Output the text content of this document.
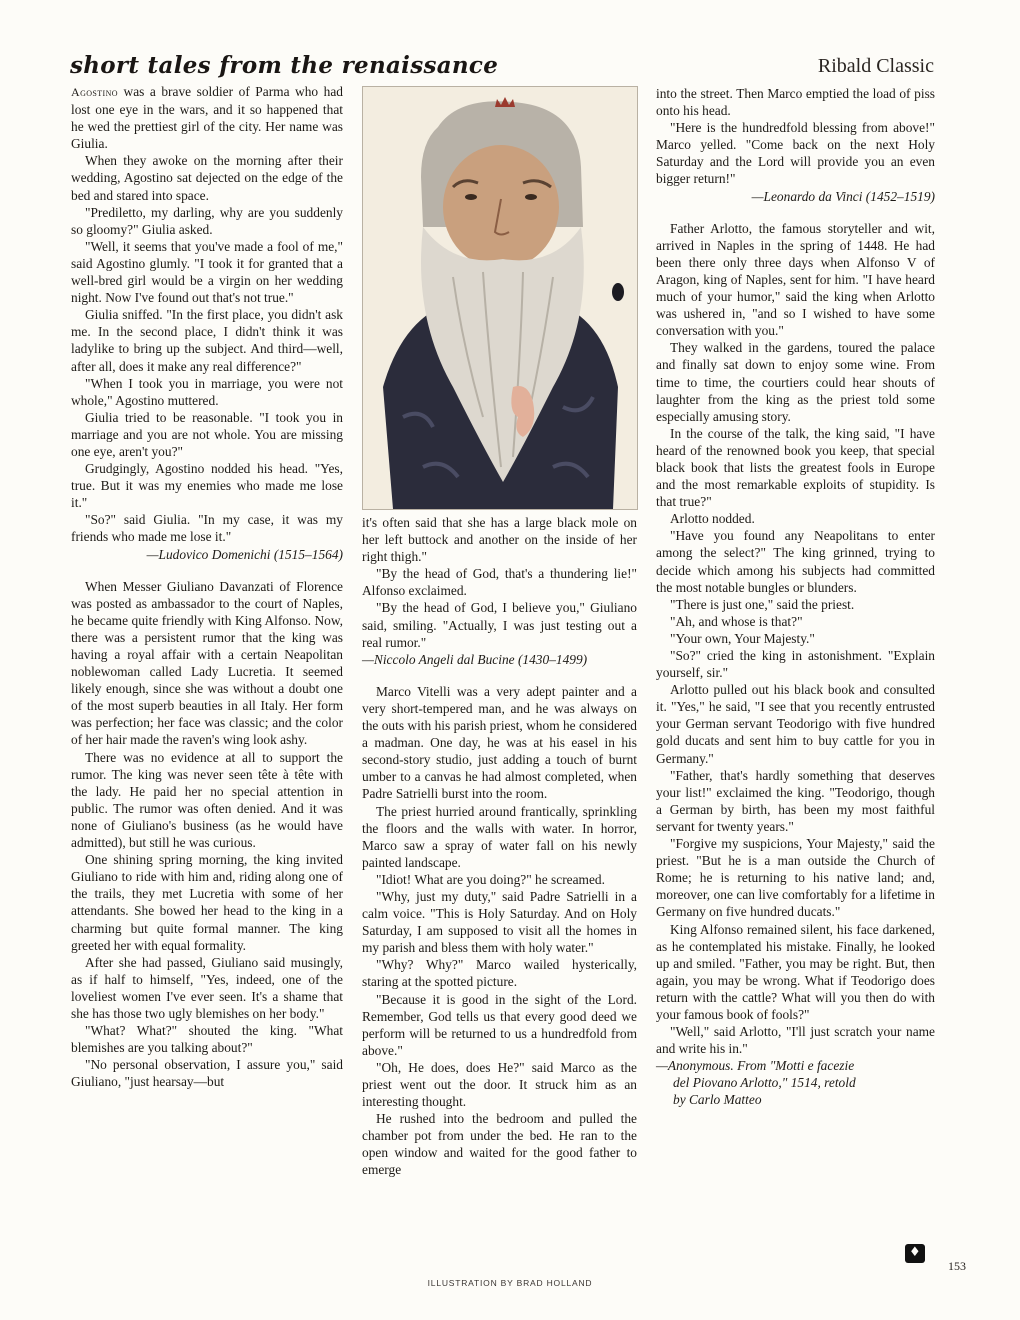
short tales from the renaissance	Ribald Classic

Agostino was a brave soldier of Parma who had lost one eye in the wars, and it so happened that he wed the prettiest girl of the city. Her name was Giulia.

When they awoke on the morning after their wedding, Agostino sat dejected on the edge of the bed and stared into space.

"Prediletto, my darling, why are you suddenly so gloomy?" Giulia asked.

"Well, it seems that you've made a fool of me," said Agostino glumly. "I took it for granted that a well-bred girl would be a virgin on her wedding night. Now I've found out that's not true."

Giulia sniffed. "In the first place, you didn't ask me. In the second place, I didn't think it was ladylike to bring up the subject. And third—well, after all, does it make any real difference?"

"When I took you in marriage, you were not whole," Agostino muttered.

Giulia tried to be reasonable. "I took you in marriage and you are not whole. You are missing one eye, aren't you?"

Grudgingly, Agostino nodded his head. "Yes, true. But it was my enemies who made me lose it."

"So?" said Giulia. "In my case, it was my friends who made me lose it."

—Ludovico Domenichi (1515–1564)

When Messer Giuliano Davanzati of Florence was posted as ambassador to the court of Naples, he became quite friendly with King Alfonso. Now, there was a persistent rumor that the king was having a royal affair with a certain Neapolitan noblewoman called Lady Lucretia. It seemed likely enough, since she was without a doubt one of the most superb beauties in all Italy. Her form was perfection; her face was classic; and the color of her hair made the raven's wing look ashy.

There was no evidence at all to support the rumor. The king was never seen tête à tête with the lady. He paid her no special attention in public. The rumor was often denied. And it was none of Giuliano's business (as he would have admitted), but still he was curious.

One shining spring morning, the king invited Giuliano to ride with him and, riding along one of the trails, they met Lucretia with some of her attendants. She bowed her head to the king in a charming but quite formal manner. The king greeted her with equal formality.

After she had passed, Giuliano said musingly, as if half to himself, "Yes, indeed, one of the loveliest women I've ever seen. It's a shame that she has those two ugly blemishes on her body."

"What? What?" shouted the king. "What blemishes are you talking about?"

"No personal observation, I assure you," said Giuliano, "just hearsay—but

it's often said that she has a large black mole on her left buttock and another on the inside of her right thigh."

"By the head of God, that's a thundering lie!" Alfonso exclaimed.

"By the head of God, I believe you," Giuliano said, smiling. "Actually, I was just testing out a real rumor."

—Niccolo Angeli dal Bucine (1430–1499)

Marco Vitelli was a very adept painter and a very short-tempered man, and he was always on the outs with his parish priest, whom he considered a madman. One day, he was at his easel in his second-story studio, just adding a touch of burnt umber to a canvas he had almost completed, when Padre Satrielli burst into the room.

The priest hurried around frantically, sprinkling the floors and the walls with water. In horror, Marco saw a spray of water fall on his newly painted landscape.

"Idiot! What are you doing?" he screamed.

"Why, just my duty," said Padre Satrielli in a calm voice. "This is Holy Saturday. And on Holy Saturday, I am supposed to visit all the homes in my parish and bless them with holy water."

"Why? Why?" Marco wailed hysterically, staring at the spotted picture.

"Because it is good in the sight of the Lord. Remember, God tells us that every good deed we perform will be returned to us a hundredfold from above."

"Oh, He does, does He?" said Marco as the priest went out the door. It struck him as an interesting thought.

He rushed into the bedroom and pulled the chamber pot from under the bed. He ran to the open window and waited for the good father to emerge

into the street. Then Marco emptied the load of piss onto his head.

"Here is the hundredfold blessing from above!" Marco yelled. "Come back on the next Holy Saturday and the Lord will provide you an even bigger return!"

—Leonardo da Vinci (1452–1519)

Father Arlotto, the famous storyteller and wit, arrived in Naples in the spring of 1448. He had been there only three days when Alfonso V of Aragon, king of Naples, sent for him. "I have heard much of your humor," said the king when Arlotto was ushered in, "and so I wished to have some conversation with you."

They walked in the gardens, toured the palace and finally sat down to enjoy some wine. From time to time, the courtiers could hear shouts of laughter from the king as the priest told some especially amusing story.

In the course of the talk, the king said, "I have heard of the renowned book you keep, that special black book that lists the greatest fools in Europe and the most remarkable exploits of stupidity. Is that true?"

Arlotto nodded.

"Have you found any Neapolitans to enter among the select?" The king grinned, trying to decide which among his subjects had committed the most notable bungles or blunders.

"There is just one," said the priest.

"Ah, and whose is that?"

"Your own, Your Majesty."

"So?" cried the king in astonishment. "Explain yourself, sir."

Arlotto pulled out his black book and consulted it. "Yes," he said, "I see that you recently entrusted your German servant Teodorigo with five hundred gold ducats and sent him to buy cattle for you in Germany."

"Father, that's hardly something that deserves your list!" exclaimed the king. "Teodorigo, though a German by birth, has been my most faithful servant for twenty years."

"Forgive my suspicions, Your Majesty," said the priest. "But he is a man outside the Church of Rome; he is returning to his native land; and, moreover, one can live comfortably for a lifetime in Germany on five hundred ducats."

King Alfonso remained silent, his face darkened, as he contemplated his mistake. Finally, he looked up and smiled. "Father, you may be right. But, then again, you may be wrong. What if Teodorigo does return with the cattle? What will you then do with your famous book of fools?"

"Well," said Arlotto, "I'll just scratch your name and write his in."

—Anonymous. From "Motti e facezie
del Piovano Arlotto," 1514, retold
by Carlo Matteo

♦
153
ILLUSTRATION BY BRAD HOLLAND
